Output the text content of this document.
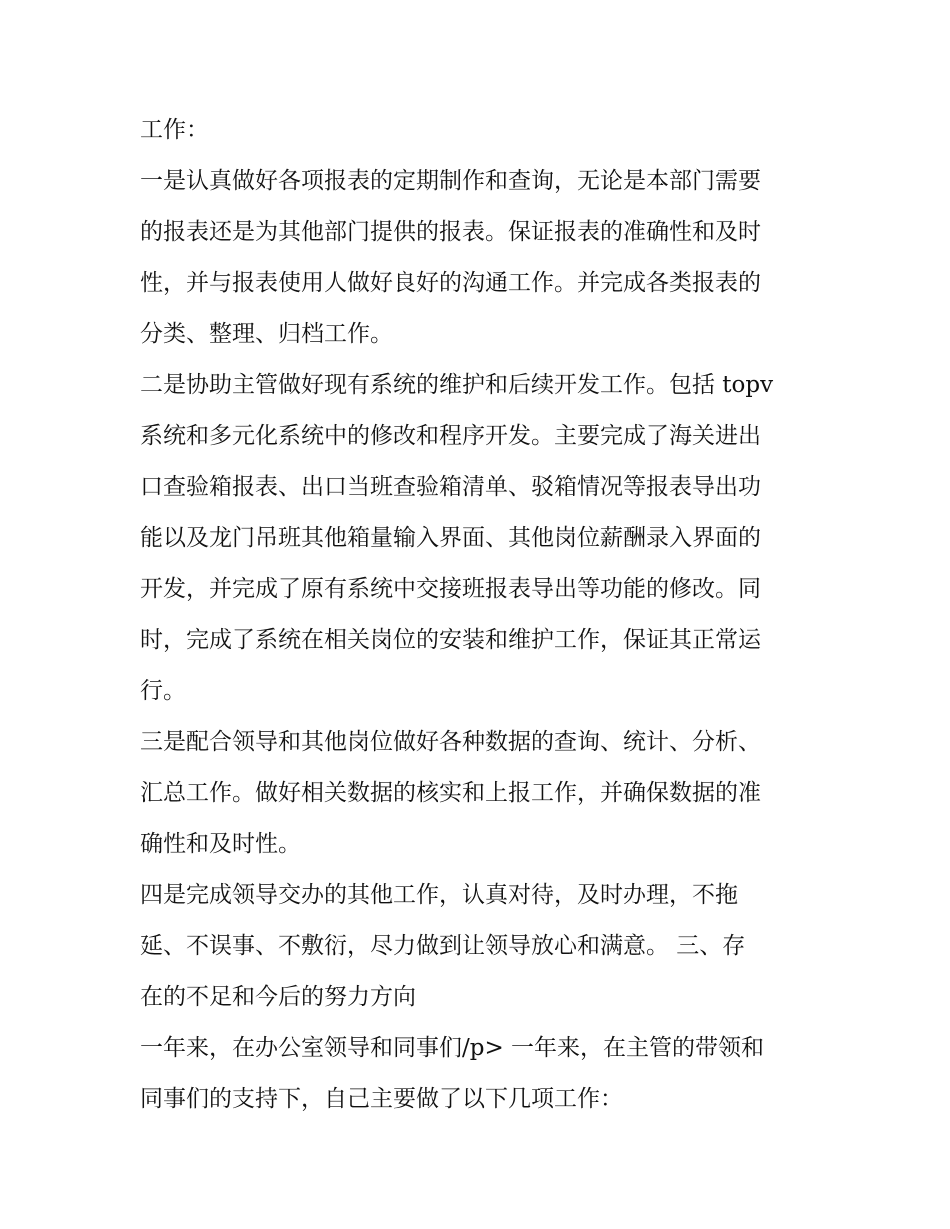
工作：
一是认真做好各项报表的定期制作和查询，无论是本部门需要
的报表还是为其他部门提供的报表。保证报表的准确性和及时
性，并与报表使用人做好良好的沟通工作。并完成各类报表的
分类、整理、归档工作。
二是协助主管做好现有系统的维护和后续开发工作。包括 topv
系统和多元化系统中的修改和程序开发。主要完成了海关进出
口查验箱报表、出口当班查验箱清单、驳箱情况等报表导出功
能以及龙门吊班其他箱量输入界面、其他岗位薪酬录入界面的
开发，并完成了原有系统中交接班报表导出等功能的修改。同
时，完成了系统在相关岗位的安装和维护工作，保证其正常运
行。
三是配合领导和其他岗位做好各种数据的查询、统计、分析、
汇总工作。做好相关数据的核实和上报工作，并确保数据的准
确性和及时性。
四是完成领导交办的其他工作，认真对待，及时办理，不拖
延、不误事、不敷衍，尽力做到让领导放心和满意。 三、存
在的不足和今后的努力方向
一年来，在办公室领导和同事们/p> 一年来，在主管的带领和
同事们的支持下，自己主要做了以下几项工作：
